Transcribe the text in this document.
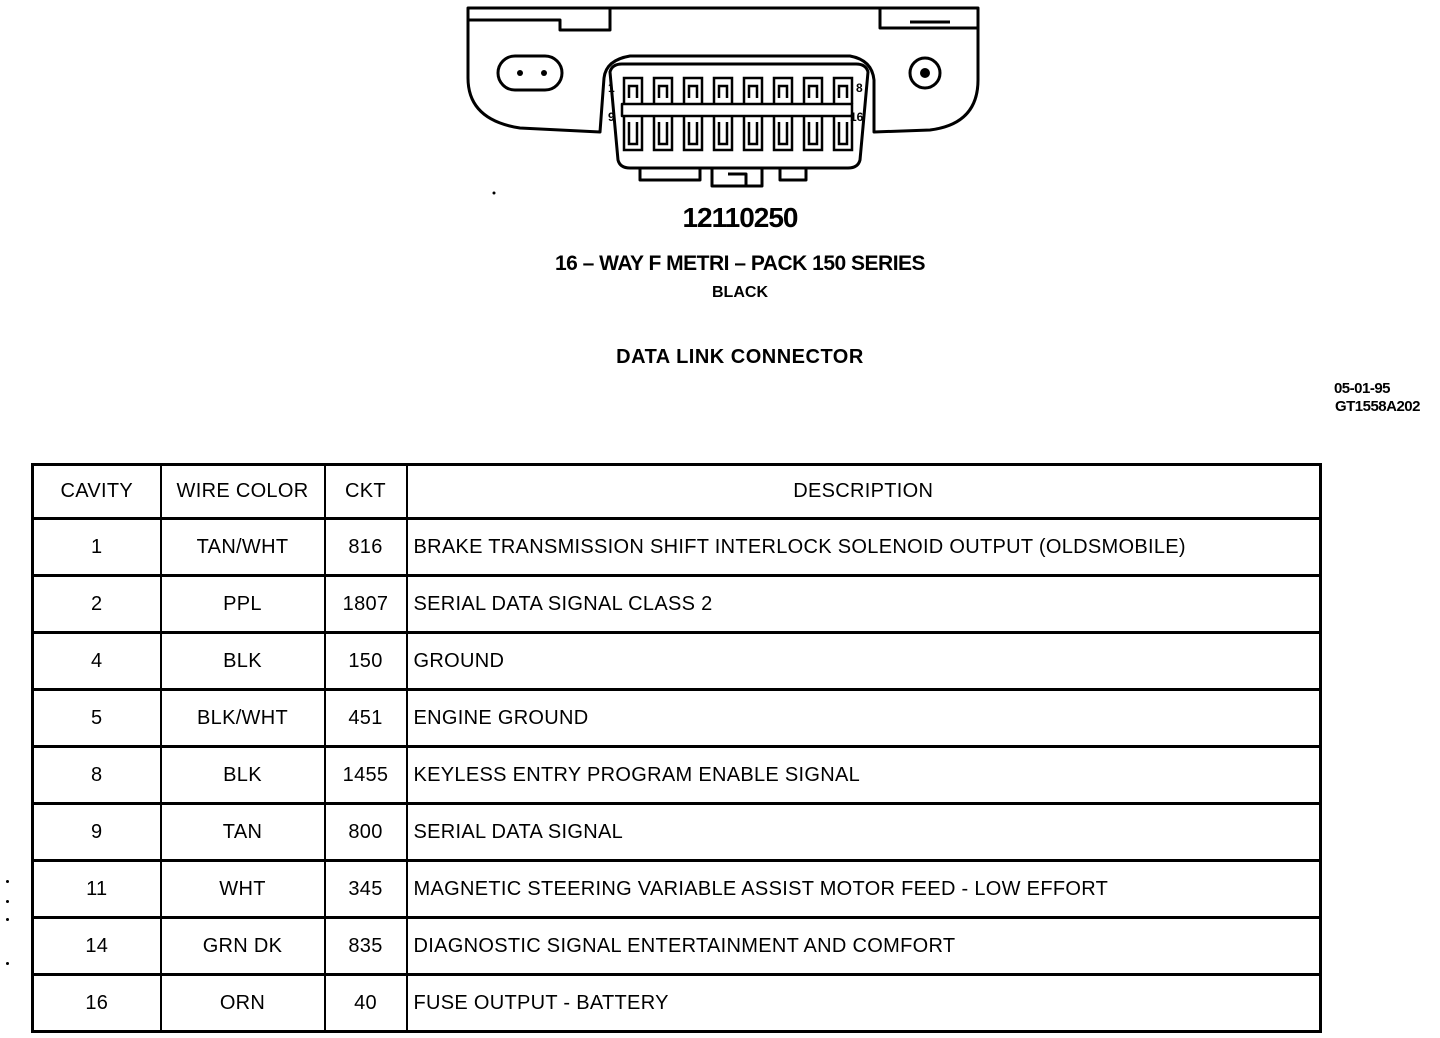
1	8
9	16
12110250
16 – WAY F METRI – PACK 150 SERIES
BLACK
DATA LINK CONNECTOR
05-01-95
GT1558A202
CAVITY	WIRE COLOR	CKT	DESCRIPTION
1	TAN/WHT	816	BRAKE TRANSMISSION SHIFT INTERLOCK SOLENOID OUTPUT (OLDSMOBILE)
2	PPL	1807	SERIAL DATA SIGNAL CLASS 2
4	BLK	150	GROUND
5	BLK/WHT	451	ENGINE GROUND
8	BLK	1455	KEYLESS ENTRY PROGRAM ENABLE SIGNAL
9	TAN	800	SERIAL DATA SIGNAL
11	WHT	345	MAGNETIC STEERING VARIABLE ASSIST MOTOR FEED - LOW EFFORT
14	GRN DK	835	DIAGNOSTIC SIGNAL ENTERTAINMENT AND COMFORT
16	ORN	40	FUSE OUTPUT - BATTERY
